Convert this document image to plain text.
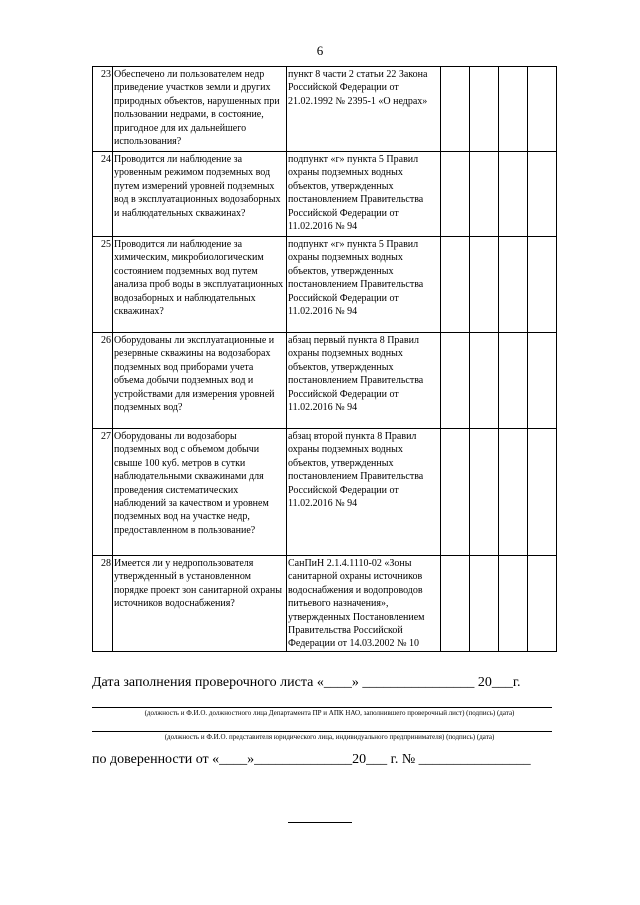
6
23	Обеспечено ли пользователем недр приведение участков земли и других природных объектов, нарушенных при пользовании недрами, в состояние, пригодное для их дальнейшего использования?	пункт 8 части 2 статьи 22 Закона Российской Федерации от 21.02.1992 № 2395-1 «О недрах»				
24	Проводится ли наблюдение за уровенным режимом подземных вод путем измерений уровней подземных вод в эксплуатационных водозаборных и наблюдательных скважинах?	подпункт «г» пункта 5 Правил охраны подземных водных объектов, утвержденных постановлением Правительства Российской Федерации от 11.02.2016 № 94				
25	Проводится ли наблюдение за химическим, микробиологическим состоянием подземных вод путем анализа проб воды в эксплуатационных водозаборных и наблюдательных скважинах?	подпункт «г» пункта 5 Правил охраны подземных водных объектов, утвержденных постановлением Правительства Российской Федерации от 11.02.2016 № 94				
26	Оборудованы ли эксплуатационные и резервные скважины на водозаборах подземных вод приборами учета объема добычи подземных вод и устройствами для измерения уровней подземных вод?	абзац первый пункта 8 Правил охраны подземных водных объектов, утвержденных постановлением Правительства Российской Федерации от 11.02.2016 № 94				
27	Оборудованы ли водозаборы подземных вод с объемом добычи свыше 100 куб. метров в сутки наблюдательными скважинами для проведения систематических наблюдений за качеством и уровнем подземных вод на участке недр, предоставленном в пользование?	абзац второй пункта 8 Правил охраны подземных водных объектов, утвержденных постановлением Правительства Российской Федерации от 11.02.2016 № 94				
28	Имеется ли у недропользователя утвержденный в установленном порядке проект зон санитарной охраны источников водоснабжения?	СанПиН 2.1.4.1110-02 «Зоны санитарной охраны источников водоснабжения и водопроводов питьевого назначения», утвержденных Постановлением Правительства Российской Федерации от 14.03.2002 № 10				
Дата заполнения проверочного листа «____» ________________ 20___г.
(должность и Ф.И.О. должностного лица Департамента ПР и АПК НАО, заполнившего проверочный лист) (подпись) (дата)
(должность и Ф.И.О. представителя юридического лица, индивидуального предпринимателя) (подпись) (дата)
по доверенности от «____»______________20___ г. № ________________
